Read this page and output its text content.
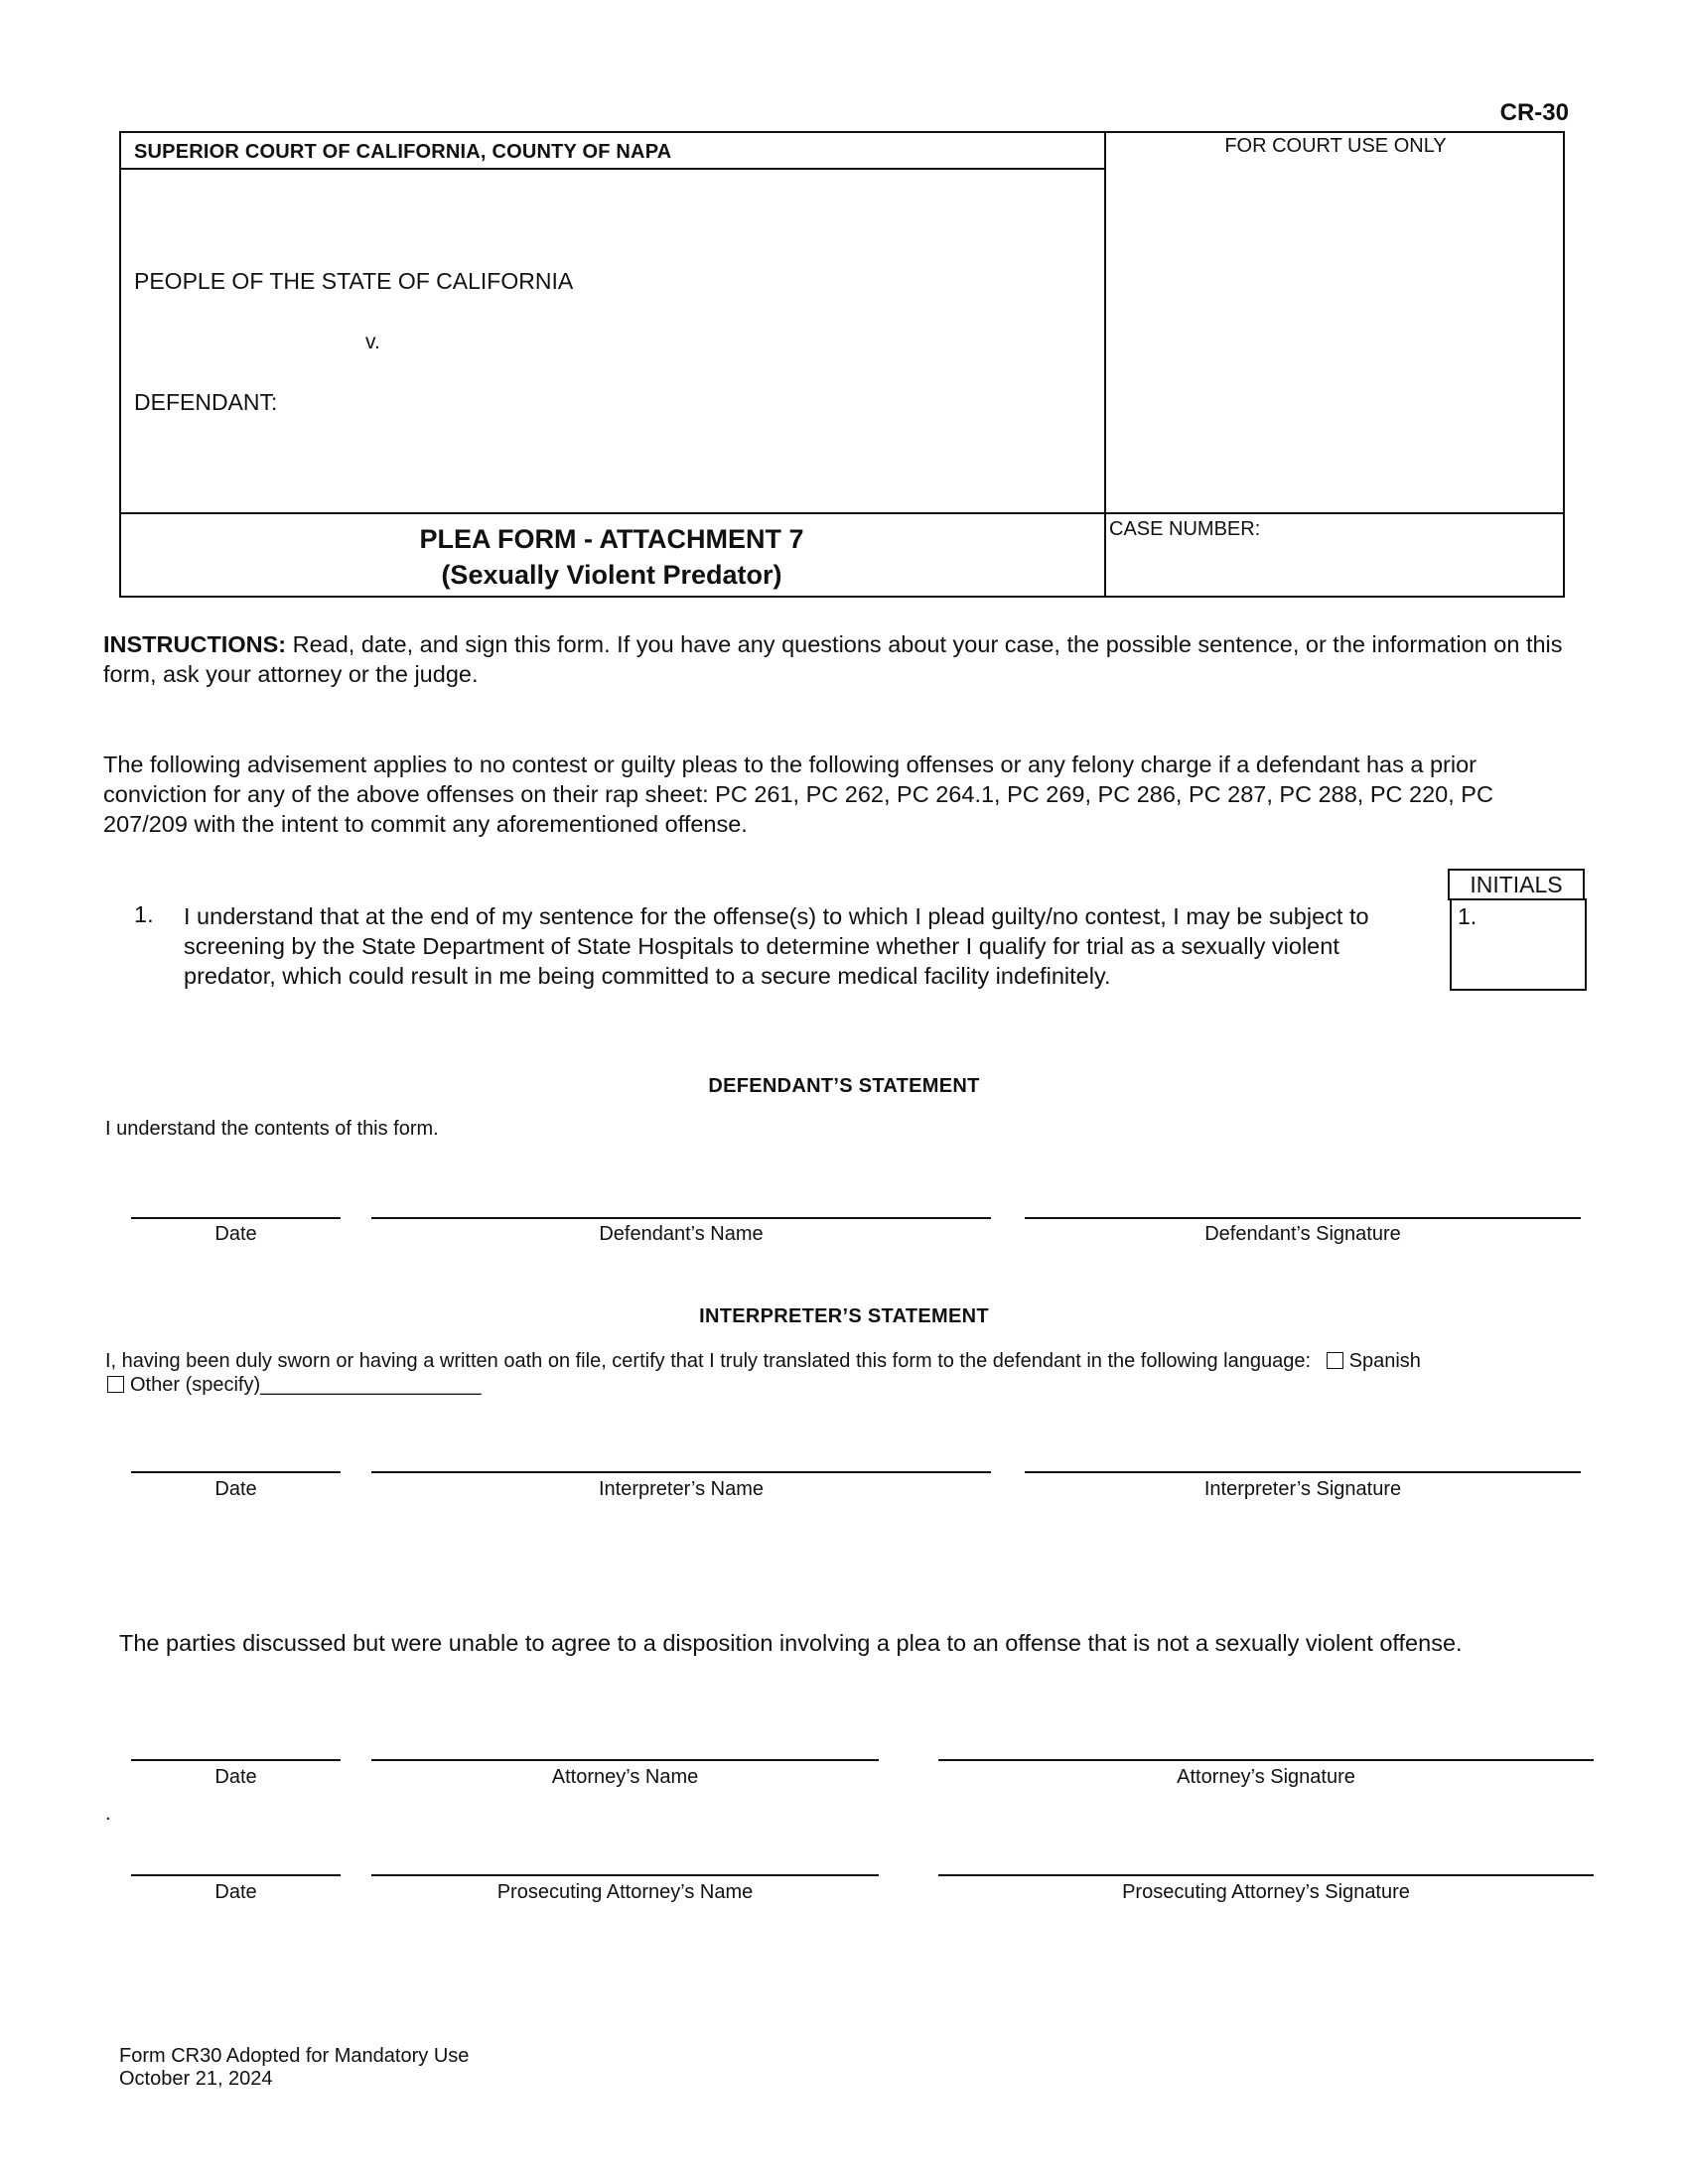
CR-30
SUPERIOR COURT OF CALIFORNIA, COUNTY OF NAPA	FOR COURT USE ONLY
PEOPLE OF THE STATE OF CALIFORNIA
v.
DEFENDANT:
PLEA FORM - ATTACHMENT 7
(Sexually Violent Predator)
CASE NUMBER:
INSTRUCTIONS: Read, date, and sign this form. If you have any questions about your case, the possible sentence, or the information on this form, ask your attorney or the judge.
The following advisement applies to no contest or guilty pleas to the following offenses or any felony charge if a defendant has a prior conviction for any of the above offenses on their rap sheet: PC 261, PC 262, PC 264.1, PC 269, PC 286, PC 287, PC 288, PC 220, PC 207/209 with the intent to commit any aforementioned offense.
1. I understand that at the end of my sentence for the offense(s) to which I plead guilty/no contest, I may be subject to screening by the State Department of State Hospitals to determine whether I qualify for trial as a sexually violent predator, which could result in me being committed to a secure medical facility indefinitely.
INITIALS
1.
DEFENDANT’S STATEMENT
I understand the contents of this form.
Date	Defendant’s Name	Defendant’s Signature
INTERPRETER’S STATEMENT
I, having been duly sworn or having a written oath on file, certify that I truly translated this form to the defendant in the following language: Spanish
Other (specify)____________________
Date	Interpreter’s Name	Interpreter’s Signature
The parties discussed but were unable to agree to a disposition involving a plea to an offense that is not a sexually violent offense.
Date	Attorney’s Name	Attorney’s Signature
.
Date	Prosecuting Attorney’s Name	Prosecuting Attorney’s Signature
Form CR30 Adopted for Mandatory Use
October 21, 2024
